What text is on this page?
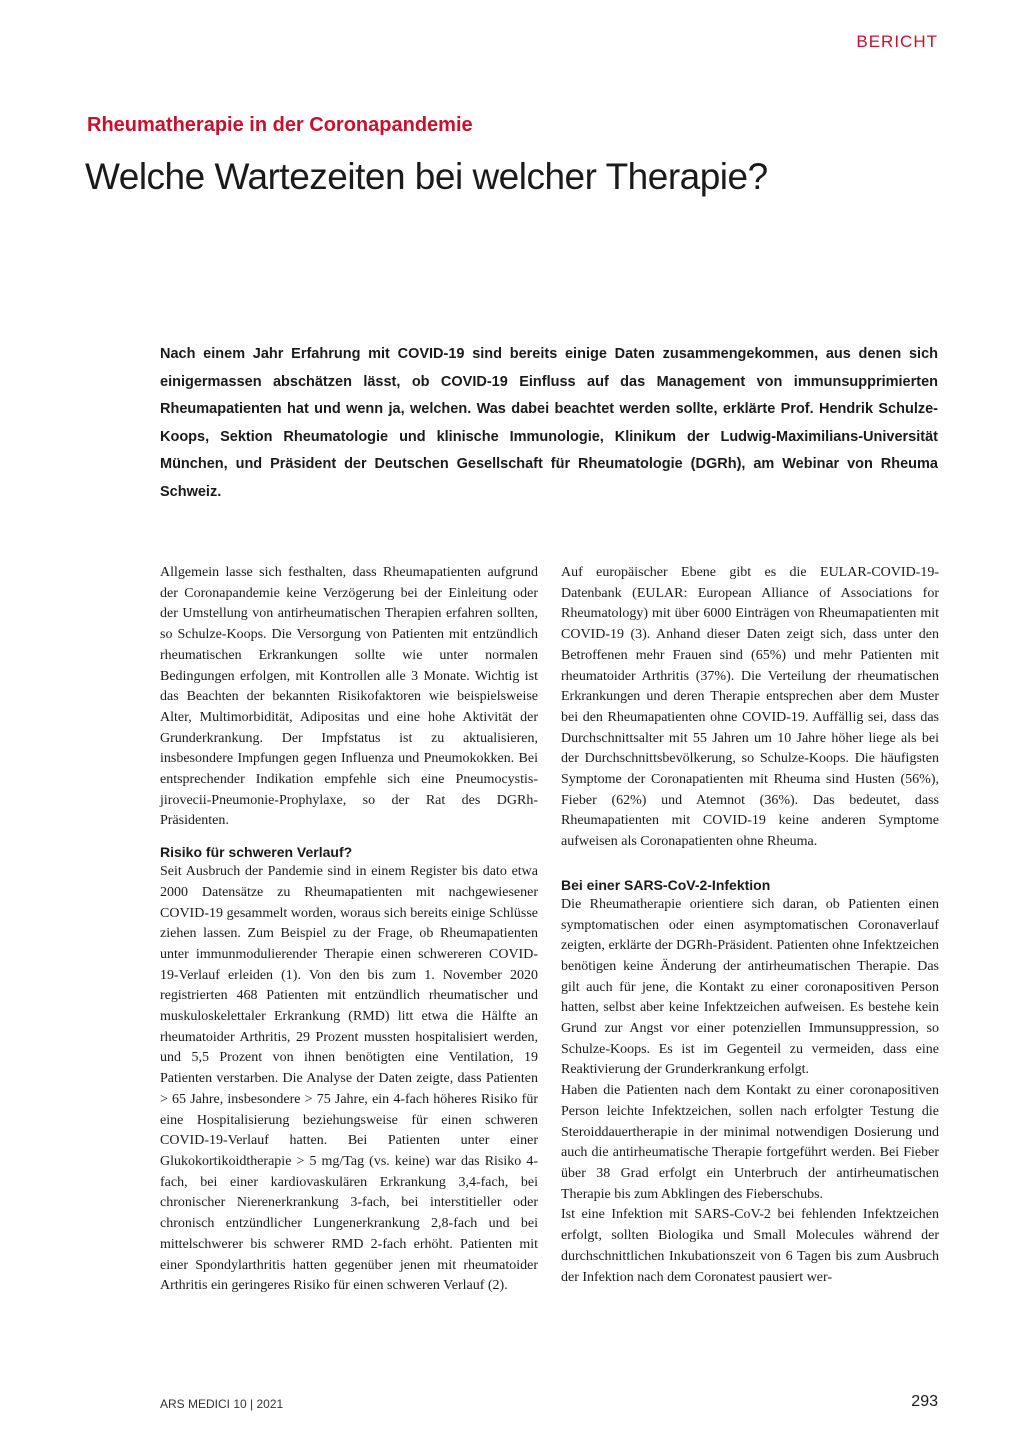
BERICHT
Rheumatherapie in der Coronapandemie
Welche Wartezeiten bei welcher Therapie?

Nach einem Jahr Erfahrung mit COVID-19 sind bereits einige Daten zusammengekommen, aus denen sich einigermassen abschätzen lässt, ob COVID-19 Einfluss auf das Management von immunsupprimierten Rheumapatienten hat und wenn ja, welchen. Was dabei beachtet werden sollte, erklärte Prof. Hendrik Schulze-Koops, Sektion Rheumatologie und klinische Immunologie, Klinikum der Ludwig-Maximilians-Universität München, und Präsident der Deutschen Gesellschaft für Rheumatologie (DGRh), am Webinar von Rheuma Schweiz.

Allgemein lasse sich festhalten, dass Rheumapatienten aufgrund der Coronapandemie keine Verzögerung bei der Einleitung oder der Umstellung von antirheumatischen Therapien erfahren sollten, so Schulze-Koops. Die Versorgung von Patienten mit entzündlich rheumatischen Erkrankungen sollte wie unter normalen Bedingungen erfolgen, mit Kontrollen alle 3 Monate. Wichtig ist das Beachten der bekannten Risikofaktoren wie beispielsweise Alter, Multimorbidität, Adipositas und eine hohe Aktivität der Grunderkrankung. Der Impfstatus ist zu aktualisieren, insbesondere Impfungen gegen Influenza und Pneumokokken. Bei entsprechender Indikation empfehle sich eine Pneumocystis-jirovecii-Pneumonie-Prophylaxe, so der Rat des DGRh-Präsidenten.

Risiko für schweren Verlauf?

Seit Ausbruch der Pandemie sind in einem Register bis dato etwa 2000 Datensätze zu Rheumapatienten mit nachgewiesener COVID-19 gesammelt worden, woraus sich bereits einige Schlüsse ziehen lassen. Zum Beispiel zu der Frage, ob Rheumapatienten unter immunmodulierender Therapie einen schwereren COVID-19-Verlauf erleiden (1). Von den bis zum 1. November 2020 registrierten 468 Patienten mit entzündlich rheumatischer und muskuloskelettaler Erkrankung (RMD) litt etwa die Hälfte an rheumatoider Arthritis, 29 Prozent mussten hospitalisiert werden, und 5,5 Prozent von ihnen benötigten eine Ventilation, 19 Patienten verstarben. Die Analyse der Daten zeigte, dass Patienten > 65 Jahre, insbesondere > 75 Jahre, ein 4-fach höheres Risiko für eine Hospitalisierung beziehungsweise für einen schweren COVID-19-Verlauf hatten. Bei Patienten unter einer Glukokortikoidtherapie > 5 mg/Tag (vs. keine) war das Risiko 4-fach, bei einer kardiovaskulären Erkrankung 3,4-fach, bei chronischer Nierenerkrankung 3-fach, bei interstitieller oder chronisch entzündlicher Lungenerkrankung 2,8-fach und bei mittelschwerer bis schwerer RMD 2-fach erhöht. Patienten mit einer Spondylarthritis hatten gegenüber jenen mit rheumatoider Arthritis ein geringeres Risiko für einen schweren Verlauf (2).

Auf europäischer Ebene gibt es die EULAR-COVID-19-Datenbank (EULAR: European Alliance of Associations for Rheumatology) mit über 6000 Einträgen von Rheumapatienten mit COVID-19 (3). Anhand dieser Daten zeigt sich, dass unter den Betroffenen mehr Frauen sind (65%) und mehr Patienten mit rheumatoider Arthritis (37%). Die Verteilung der rheumatischen Erkrankungen und deren Therapie entsprechen aber dem Muster bei den Rheumapatienten ohne COVID-19. Auffällig sei, dass das Durchschnittsalter mit 55 Jahren um 10 Jahre höher liege als bei der Durchschnittsbevölkerung, so Schulze-Koops. Die häufigsten Symptome der Coronapatienten mit Rheuma sind Husten (56%), Fieber (62%) und Atemnot (36%). Das bedeutet, dass Rheumapatienten mit COVID-19 keine anderen Symptome aufweisen als Coronapatienten ohne Rheuma.

Bei einer SARS-CoV-2-Infektion

Die Rheumatherapie orientiere sich daran, ob Patienten einen symptomatischen oder einen asymptomatischen Coronaverlauf zeigten, erklärte der DGRh-Präsident. Patienten ohne Infektzeichen benötigen keine Änderung der antirheumatischen Therapie. Das gilt auch für jene, die Kontakt zu einer coronapositiven Person hatten, selbst aber keine Infektzeichen aufweisen. Es bestehe kein Grund zur Angst vor einer potenziellen Immunsuppression, so Schulze-Koops. Es ist im Gegenteil zu vermeiden, dass eine Reaktivierung der Grunderkrankung erfolgt.

Haben die Patienten nach dem Kontakt zu einer coronapositiven Person leichte Infektzeichen, sollen nach erfolgter Testung die Steroiddauertherapie in der minimal notwendigen Dosierung und auch die antirheumatische Therapie fortgeführt werden. Bei Fieber über 38 Grad erfolgt ein Unterbruch der antirheumatischen Therapie bis zum Abklingen des Fieberschubs.

Ist eine Infektion mit SARS-CoV-2 bei fehlenden Infektzeichen erfolgt, sollten Biologika und Small Molecules während der durchschnittlichen Inkubationszeit von 6 Tagen bis zum Ausbruch der Infektion nach dem Coronatest pausiert wer-

ARS MEDICI 10 | 2021	293
